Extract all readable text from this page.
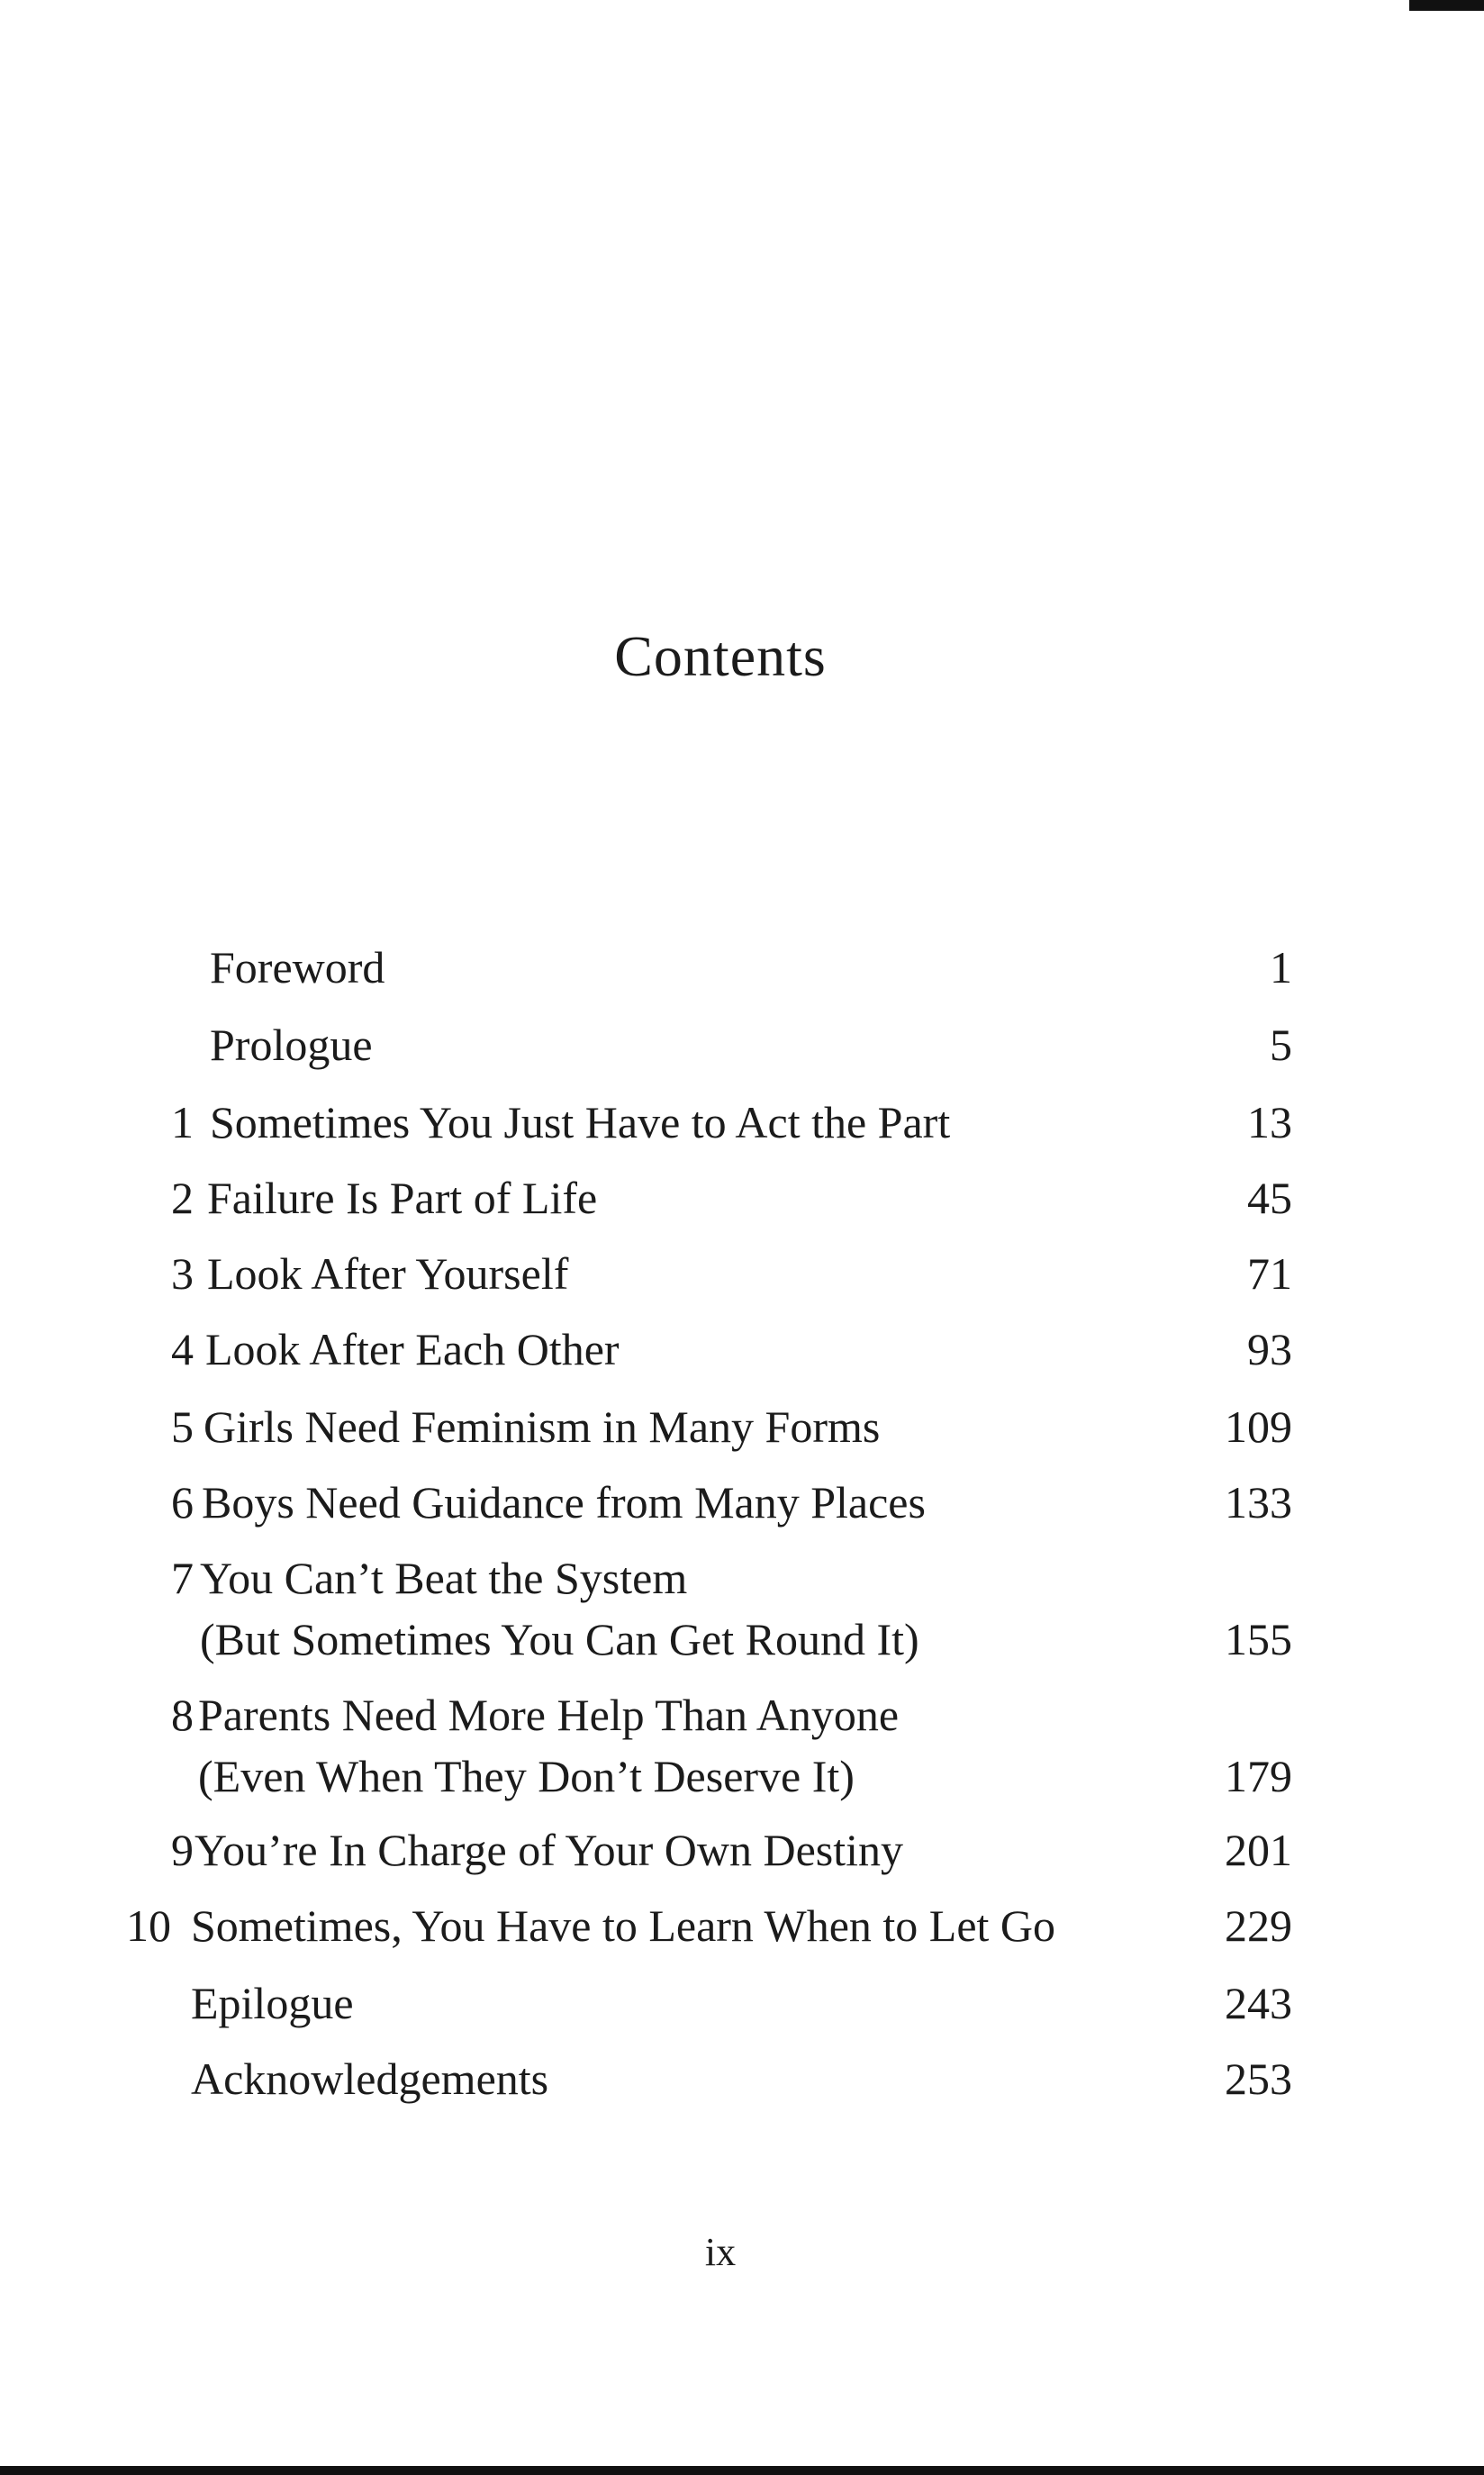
Contents
Foreword	1
Prologue	5
1 Sometimes You Just Have to Act the Part	13
2 Failure Is Part of Life	45
3 Look After Yourself	71
4 Look After Each Other	93
5 Girls Need Feminism in Many Forms	109
6 Boys Need Guidance from Many Places	133
7 You Can’t Beat the System
(But Sometimes You Can Get Round It)	155
8 Parents Need More Help Than Anyone
(Even When They Don’t Deserve It)	179
9 You’re In Charge of Your Own Destiny	201
10 Sometimes, You Have to Learn When to Let Go	229
Epilogue	243
Acknowledgements	253
ix
